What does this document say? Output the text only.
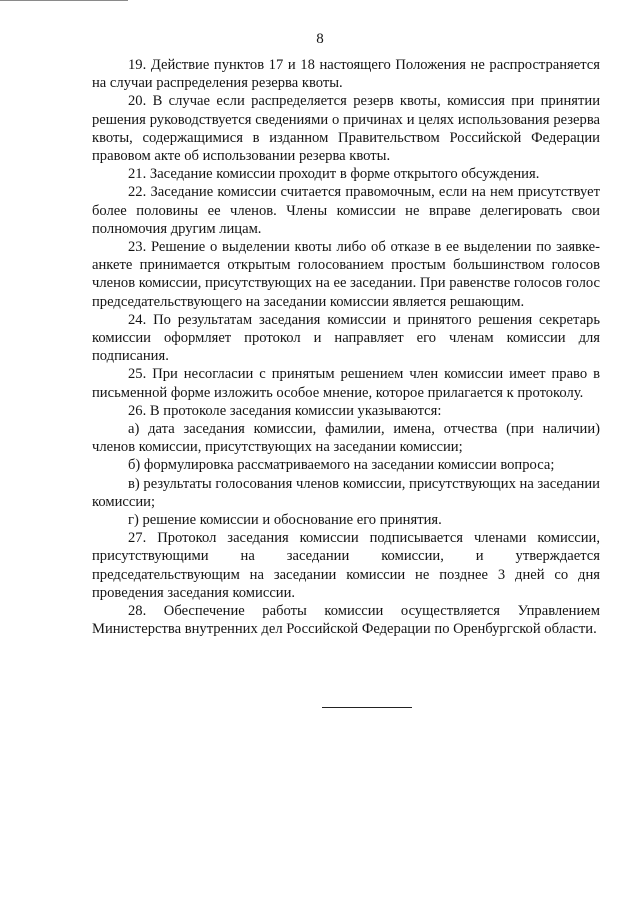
8

19. Действие пунктов 17 и 18 настоящего Положения не распространяется на случаи распределения резерва квоты.

20. В случае если распределяется резерв квоты, комиссия при принятии решения руководствуется сведениями о причинах и целях использования резерва квоты, содержащимися в изданном Правительством Российской Федерации правовом акте об использовании резерва квоты.

21. Заседание комиссии проходит в форме открытого обсуждения.

22. Заседание комиссии считается правомочным, если на нем присутствует более половины ее членов. Члены комиссии не вправе делегировать свои полномочия другим лицам.

23. Решение о выделении квоты либо об отказе в ее выделении по заявке-анкете принимается открытым голосованием простым большинством голосов членов комиссии, присутствующих на ее заседании. При равенстве голосов голос председательствующего на заседании комиссии является решающим.

24. По результатам заседания комиссии и принятого решения секретарь комиссии оформляет протокол и направляет его членам комиссии для подписания.

25. При несогласии с принятым решением член комиссии имеет право в письменной форме изложить особое мнение, которое прилагается к протоколу.

26. В протоколе заседания комиссии указываются:

а) дата заседания комиссии, фамилии, имена, отчества (при наличии) членов комиссии, присутствующих на заседании комиссии;

б) формулировка рассматриваемого на заседании комиссии вопроса;

в) результаты голосования членов комиссии, присутствующих на заседании комиссии;

г) решение комиссии и обоснование его принятия.

27. Протокол заседания комиссии подписывается членами комиссии, присутствующими на заседании комиссии, и утверждается председательствующим на заседании комиссии не позднее 3 дней со дня проведения заседания комиссии.

28. Обеспечение работы комиссии осуществляется Управлением Министерства внутренних дел Российской Федерации по Оренбургской области.
